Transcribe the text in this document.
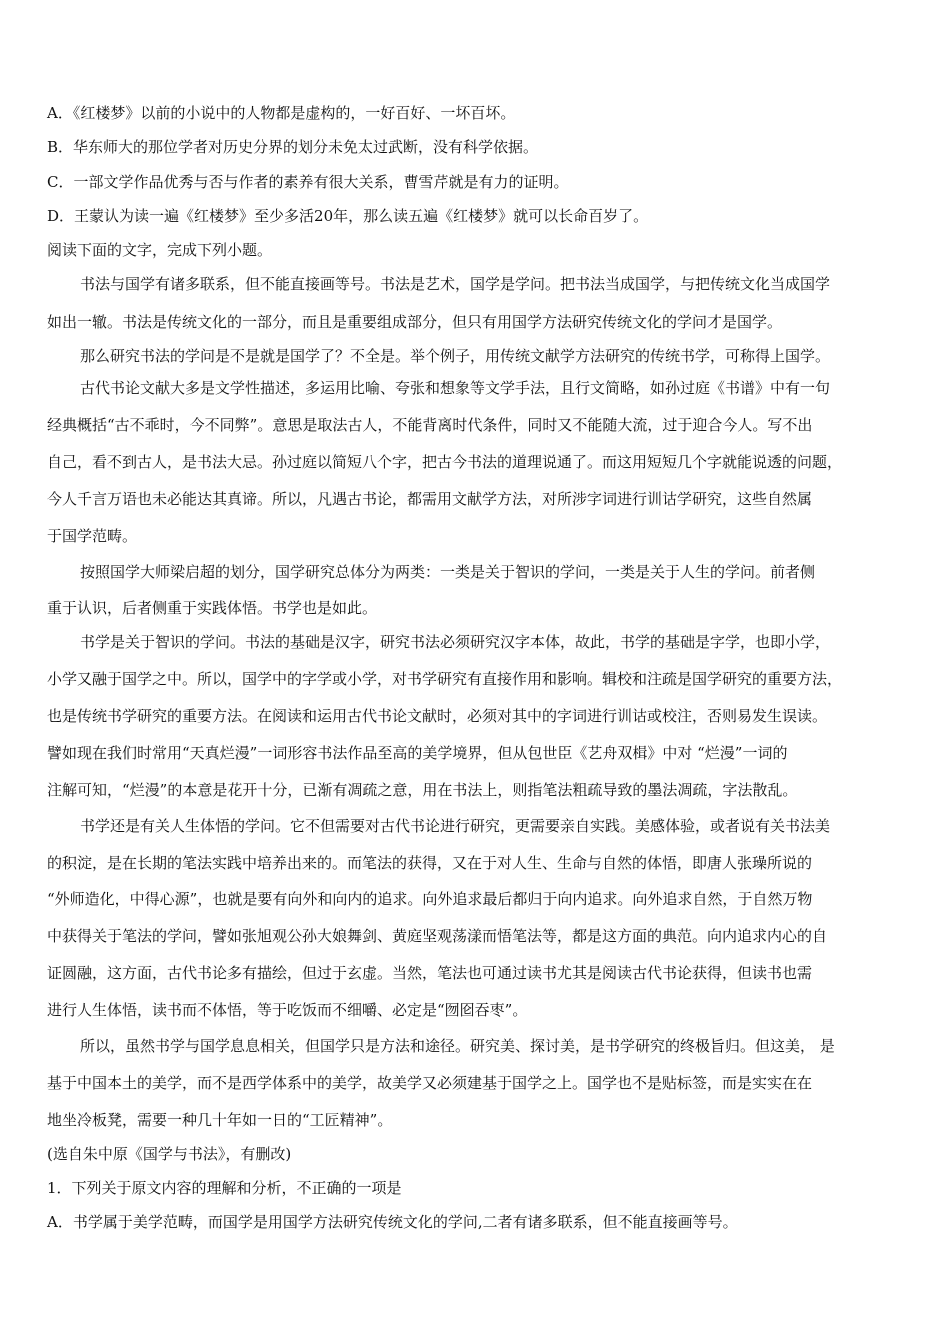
A．《红楼梦》以前的小说中的人物都是虚构的，一好百好、一坏百坏。
B．华东师大的那位学者对历史分界的划分未免太过武断，没有科学依据。
C．一部文学作品优秀与否与作者的素养有很大关系，曹雪芹就是有力的证明。
D．王蒙认为读一遍《红楼梦》至少多活20年，那么读五遍《红楼梦》就可以长命百岁了。
阅读下面的文字，完成下列小题。
书法与国学有诸多联系，但不能直接画等号。书法是艺术，国学是学问。把书法当成国学，与把传统文化当成国学
如出一辙。书法是传统文化的一部分，而且是重要组成部分，但只有用国学方法研究传统文化的学问才是国学。
那么研究书法的学问是不是就是国学了？不全是。举个例子，用传统文献学方法研究的传统书学，可称得上国学。
古代书论文献大多是文学性描述，多运用比喻、夸张和想象等文学手法，且行文简略，如孙过庭《书谱》中有一句
经典概括“古不乖时，今不同弊”。意思是取法古人，不能背离时代条件，同时又不能随大流，过于迎合今人。写不出
自己，看不到古人，是书法大忌。孙过庭以简短八个字，把古今书法的道理说通了。而这用短短几个字就能说透的问题，
今人千言万语也未必能达其真谛。所以，凡遇古书论，都需用文献学方法，对所涉字词进行训诂学研究，这些自然属
于国学范畴。
按照国学大师梁启超的划分，国学研究总体分为两类：一类是关于智识的学问，一类是关于人生的学问。前者侧
重于认识，后者侧重于实践体悟。书学也是如此。
书学是关于智识的学问。书法的基础是汉字，研究书法必须研究汉字本体，故此，书学的基础是字学，也即小学，
小学又融于国学之中。所以，国学中的字学或小学，对书学研究有直接作用和影响。辑校和注疏是国学研究的重要方法，
也是传统书学研究的重要方法。在阅读和运用古代书论文献时，必须对其中的字词进行训诂或校注，否则易发生误读。
譬如现在我们时常用“天真烂漫”一词形容书法作品至高的美学境界，但从包世臣《艺舟双楫》中对 “烂漫”一词的
注解可知，“烂漫”的本意是花开十分，已渐有凋疏之意，用在书法上，则指笔法粗疏导致的墨法凋疏，字法散乱。
书学还是有关人生体悟的学问。它不但需要对古代书论进行研究，更需要亲自实践。美感体验，或者说有关书法美
的积淀，是在长期的笔法实践中培养出来的。而笔法的获得，又在于对人生、生命与自然的体悟，即唐人张璪所说的
“外师造化，中得心源”，也就是要有向外和向内的追求。向外追求最后都归于向内追求。向外追求自然，于自然万物
中获得关于笔法的学问，譬如张旭观公孙大娘舞剑、黄庭坚观荡漾而悟笔法等，都是这方面的典范。向内追求内心的自
证圆融，这方面，古代书论多有描绘，但过于玄虚。当然，笔法也可通过读书尤其是阅读古代书论获得，但读书也需
进行人生体悟，读书而不体悟，等于吃饭而不细嚼、必定是“囫囵吞枣”。
所以，虽然书学与国学息息相关，但国学只是方法和途径。研究美、探讨美，是书学研究的终极旨归。但这美， 是
基于中国本土的美学，而不是西学体系中的美学，故美学又必须建基于国学之上。国学也不是贴标签，而是实实在在
地坐冷板凳，需要一种几十年如一日的“工匠精神”。
(选自朱中原《国学与书法》，有删改)
1．下列关于原文内容的理解和分析，不正确的一项是
A．书学属于美学范畴，而国学是用国学方法研究传统文化的学问,二者有诸多联系，但不能直接画等号。
